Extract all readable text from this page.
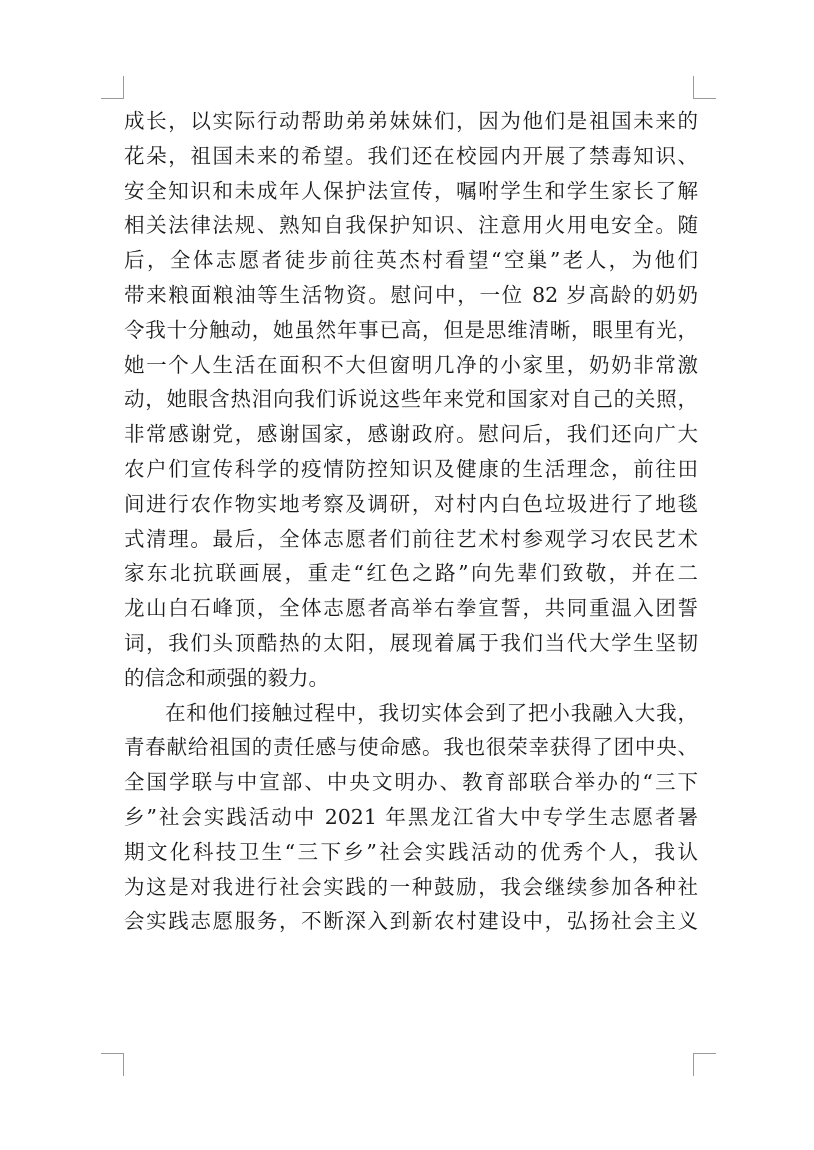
成长，以实际行动帮助弟弟妹妹们，因为他们是祖国未来的
花朵，祖国未来的希望。我们还在校园内开展了禁毒知识、
安全知识和未成年人保护法宣传，嘱咐学生和学生家长了解
相关法律法规、熟知自我保护知识、注意用火用电安全。随
后，全体志愿者徒步前往英杰村看望“空巢”老人，为他们
带来粮面粮油等生活物资。慰问中，一位 82 岁高龄的奶奶
令我十分触动，她虽然年事已高，但是思维清晰，眼里有光，
她一个人生活在面积不大但窗明几净的小家里，奶奶非常激
动，她眼含热泪向我们诉说这些年来党和国家对自己的关照，
非常感谢党，感谢国家，感谢政府。慰问后，我们还向广大
农户们宣传科学的疫情防控知识及健康的生活理念，前往田
间进行农作物实地考察及调研，对村内白色垃圾进行了地毯
式清理。最后，全体志愿者们前往艺术村参观学习农民艺术
家东北抗联画展，重走“红色之路”向先辈们致敬，并在二
龙山白石峰顶，全体志愿者高举右拳宣誓，共同重温入团誓
词，我们头顶酷热的太阳，展现着属于我们当代大学生坚韧
的信念和顽强的毅力。
在和他们接触过程中，我切实体会到了把小我融入大我，
青春献给祖国的责任感与使命感。我也很荣幸获得了团中央、
全国学联与中宣部、中央文明办、教育部联合举办的“三下
乡”社会实践活动中 2021 年黑龙江省大中专学生志愿者暑
期文化科技卫生“三下乡”社会实践活动的优秀个人，我认
为这是对我进行社会实践的一种鼓励，我会继续参加各种社
会实践志愿服务，不断深入到新农村建设中，弘扬社会主义
